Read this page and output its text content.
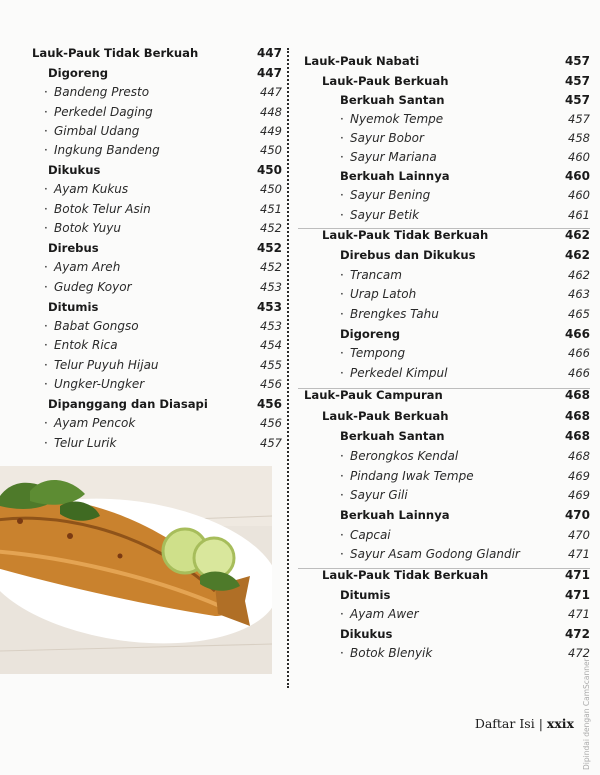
Lauk-Pauk Tidak Berkuah	447
Digoreng	447
· Bandeng Presto	447
· Perkedel Daging	448
· Gimbal Udang	449
· Ingkung Bandeng	450
Dikukus	450
· Ayam Kukus	450
· Botok Telur Asin	451
· Botok Yuyu	452
Direbus	452
· Ayam Areh	452
· Gudeg Koyor	453
Ditumis	453
· Babat Gongso	453
· Entok Rica	454
· Telur Puyuh Hijau	455
· Ungker-Ungker	456
Dipanggang dan Diasapi	456
· Ayam Pencok	456
· Telur Lurik	457
Lauk-Pauk Nabati	457
Lauk-Pauk Berkuah	457
Berkuah Santan	457
· Nyemok Tempe	457
· Sayur Bobor	458
· Sayur Mariana	460
Berkuah Lainnya	460
· Sayur Bening	460
· Sayur Betik	461
Lauk-Pauk Tidak Berkuah	462
Direbus dan Dikukus	462
· Trancam	462
· Urap Latoh	463
· Brengkes Tahu	465
Digoreng	466
· Tempong	466
· Perkedel Kimpul	466
Lauk-Pauk Campuran	468
Lauk-Pauk Berkuah	468
Berkuah Santan	468
· Berongkos Kendal	468
· Pindang Iwak Tempe	469
· Sayur Gili	469
Berkuah Lainnya	470
· Capcai	470
· Sayur Asam Godong Glandir	471
Lauk-Pauk Tidak Berkuah	471
Ditumis	471
· Ayam Awer	471
Dikukus	472
· Botok Blenyik	472
Daftar Isi | xxix Dipindai dengan CamScanner
